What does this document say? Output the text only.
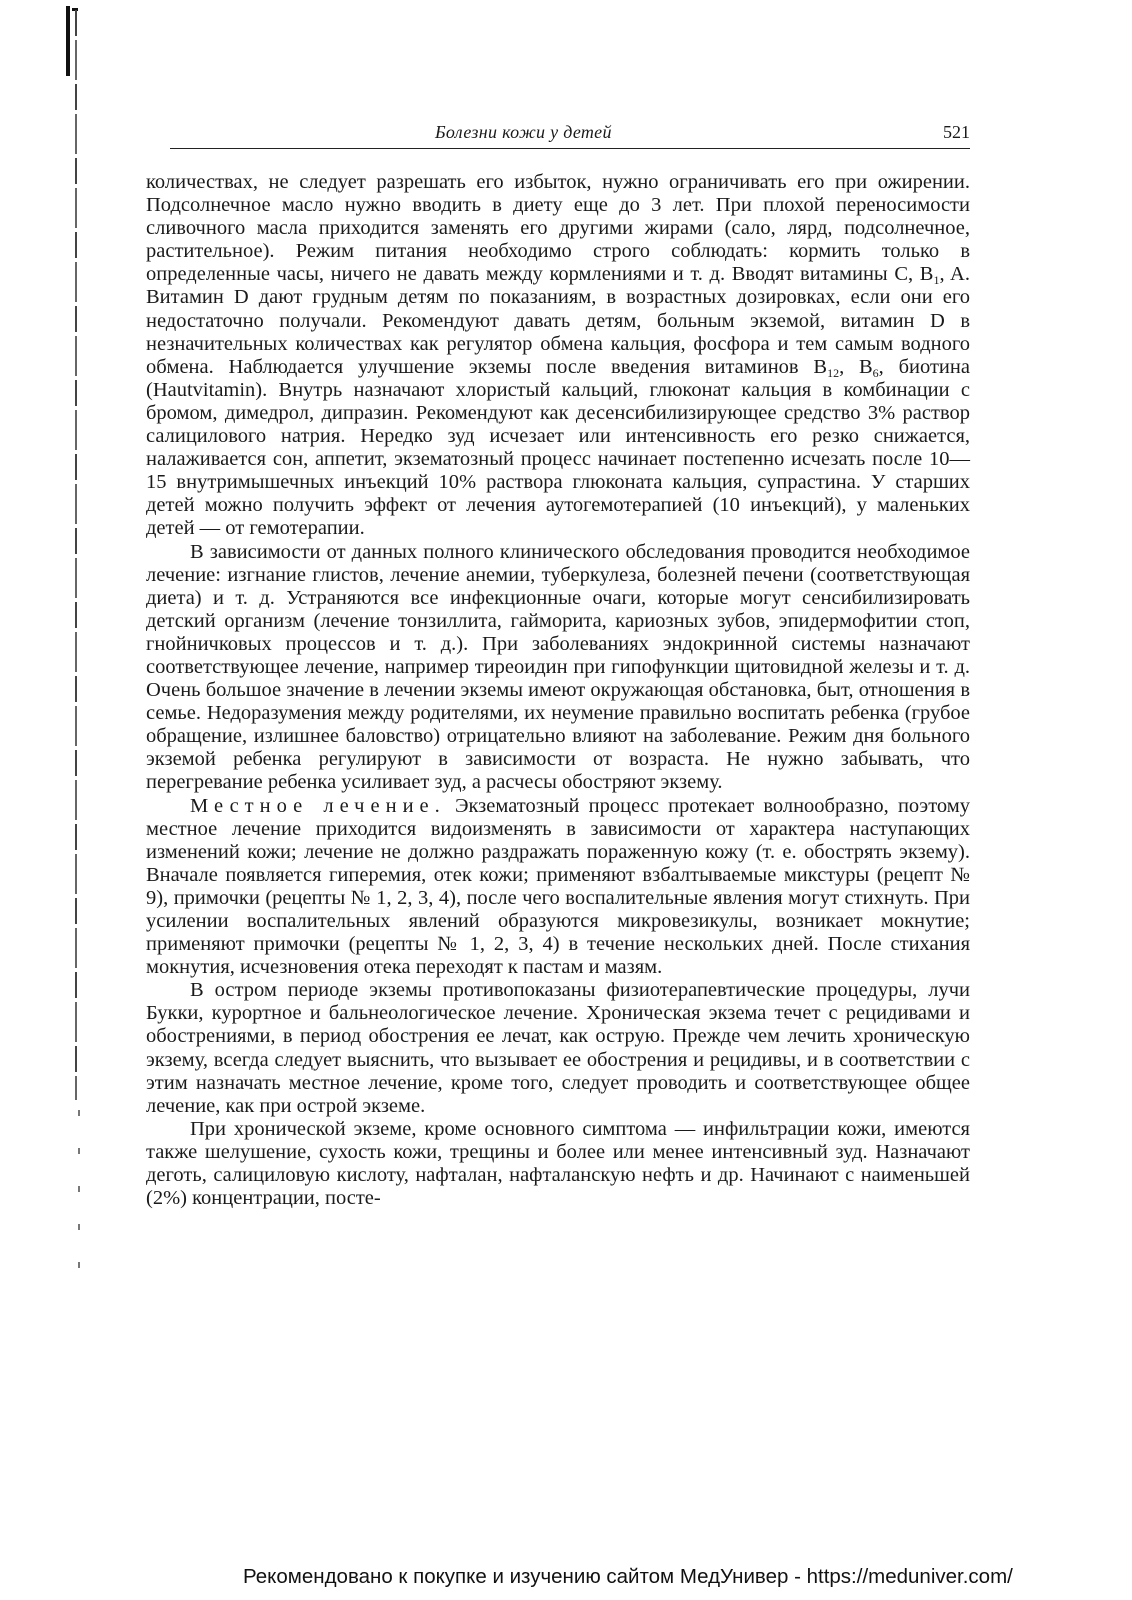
Болезни кожи у детей	521

количествах, не следует разрешать его избыток, нужно ограничивать его при ожирении. Подсолнечное масло нужно вводить в диету еще до 3 лет. При плохой переносимости сливочного масла приходится заменять его другими жирами (сало, лярд, подсолнечное, растительное). Режим питания необходимо строго соблюдать: кормить только в определенные часы, ничего не давать между кормлениями и т. д. Вводят витамины C, $B_1$, A. Витамин D дают грудным детям по показаниям, в возрастных дозировках, если они его недостаточно получали. Рекомендуют давать детям, больным экземой, витамин D в незначительных количествах как регулятор обмена кальция, фосфора и тем самым водного обмена. Наблюдается улучшение экземы после введения витаминов $B_{12}$, $B_6$, биотина (Hautvitamin). Внутрь назначают хлористый кальций, глюконат кальция в комбинации с бромом, димедрол, дипразин. Рекомендуют как десенсибилизирующее средство 3% раствор салицилового натрия. Нередко зуд исчезает или интенсивность его резко снижается, налаживается сон, аппетит, экзематозный процесс начинает постепенно исчезать после 10—15 внутримышечных инъекций 10% раствора глюконата кальция, супрастина. У старших детей можно получить эффект от лечения аутогемотерапией (10 инъекций), у маленьких детей — от гемотерапии.

В зависимости от данных полного клинического обследования проводится необходимое лечение: изгнание глистов, лечение анемии, туберкулеза, болезней печени (соответствующая диета) и т. д. Устраняются все инфекционные очаги, которые могут сенсибилизировать детский организм (лечение тонзиллита, гайморита, кариозных зубов, эпидермофитии стоп, гнойничковых процессов и т. д.). При заболеваниях эндокринной системы назначают соответствующее лечение, например тиреоидин при гипофункции щитовидной железы и т. д. Очень большое значение в лечении экземы имеют окружающая обстановка, быт, отношения в семье. Недоразумения между родителями, их неумение правильно воспитать ребенка (грубое обращение, излишнее баловство) отрицательно влияют на заболевание. Режим дня больного экземой ребенка регулируют в зависимости от возраста. Не нужно забывать, что перегревание ребенка усиливает зуд, а расчесы обостряют экзему.

Местное лечение. Экзематозный процесс протекает волнообразно, поэтому местное лечение приходится видоизменять в зависимости от характера наступающих изменений кожи; лечение не должно раздражать пораженную кожу (т. е. обострять экзему). Вначале появляется гиперемия, отек кожи; применяют взбалтываемые микстуры (рецепт № 9), примочки (рецепты № 1, 2, 3, 4), после чего воспалительные явления могут стихнуть. При усилении воспалительных явлений образуются микровезикулы, возникает мокнутие; применяют примочки (рецепты № 1, 2, 3, 4) в течение нескольких дней. После стихания мокнутия, исчезновения отека переходят к пастам и мазям.

В остром периоде экземы противопоказаны физиотерапевтические процедуры, лучи Букки, курортное и бальнеологическое лечение. Хроническая экзема течет с рецидивами и обострениями, в период обострения ее лечат, как острую. Прежде чем лечить хроническую экзему, всегда следует выяснить, что вызывает ее обострения и рецидивы, и в соответствии с этим назначать местное лечение, кроме того, следует проводить и соответствующее общее лечение, как при острой экземе.

При хронической экземе, кроме основного симптома — инфильтрации кожи, имеются также шелушение, сухость кожи, трещины и более или менее интенсивный зуд. Назначают деготь, салициловую кислоту, нафталан, нафталанскую нефть и др. Начинают с наименьшей (2%) концентрации, посте-

Рекомендовано к покупке и изучению сайтом МедУнивер - https://meduniver.com/
